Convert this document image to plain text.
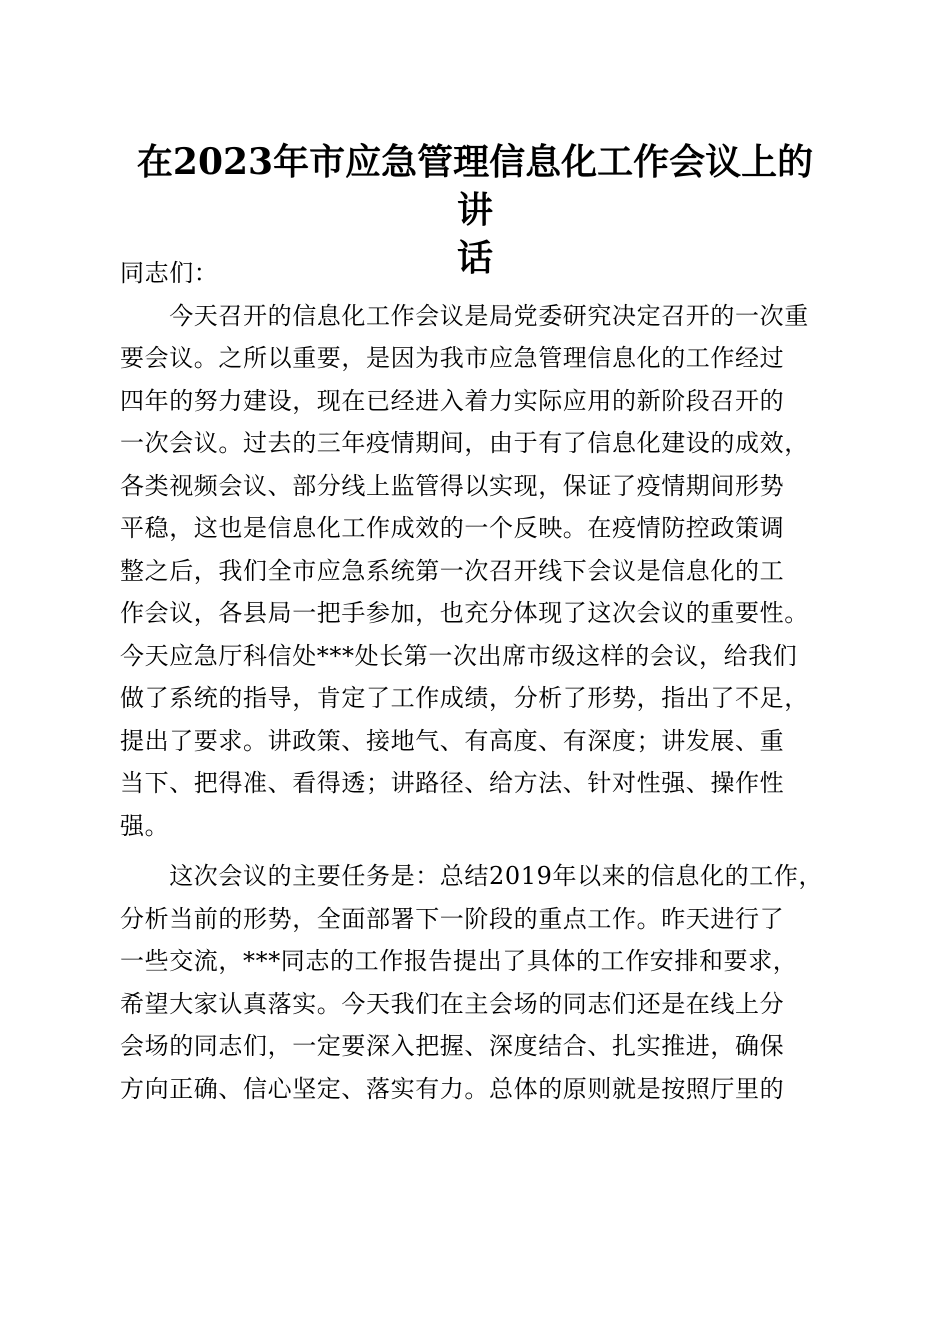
在2023年市应急管理信息化工作会议上的讲
话
同志们：
　　今天召开的信息化工作会议是局党委研究决定召开的一次重
要会议。之所以重要，是因为我市应急管理信息化的工作经过
四年的努力建设，现在已经进入着力实际应用的新阶段召开的
一次会议。过去的三年疫情期间，由于有了信息化建设的成效，
各类视频会议、部分线上监管得以实现，保证了疫情期间形势
平稳，这也是信息化工作成效的一个反映。在疫情防控政策调
整之后，我们全市应急系统第一次召开线下会议是信息化的工
作会议，各县局一把手参加，也充分体现了这次会议的重要性。
今天应急厅科信处***处长第一次出席市级这样的会议，给我们
做了系统的指导，肯定了工作成绩，分析了形势，指出了不足，
提出了要求。讲政策、接地气、有高度、有深度；讲发展、重
当下、把得准、看得透；讲路径、给方法、针对性强、操作性
强。
　　这次会议的主要任务是：总结2019年以来的信息化的工作，
分析当前的形势，全面部署下一阶段的重点工作。昨天进行了
一些交流，***同志的工作报告提出了具体的工作安排和要求，
希望大家认真落实。今天我们在主会场的同志们还是在线上分
会场的同志们，一定要深入把握、深度结合、扎实推进，确保
方向正确、信心坚定、落实有力。总体的原则就是按照厅里的
